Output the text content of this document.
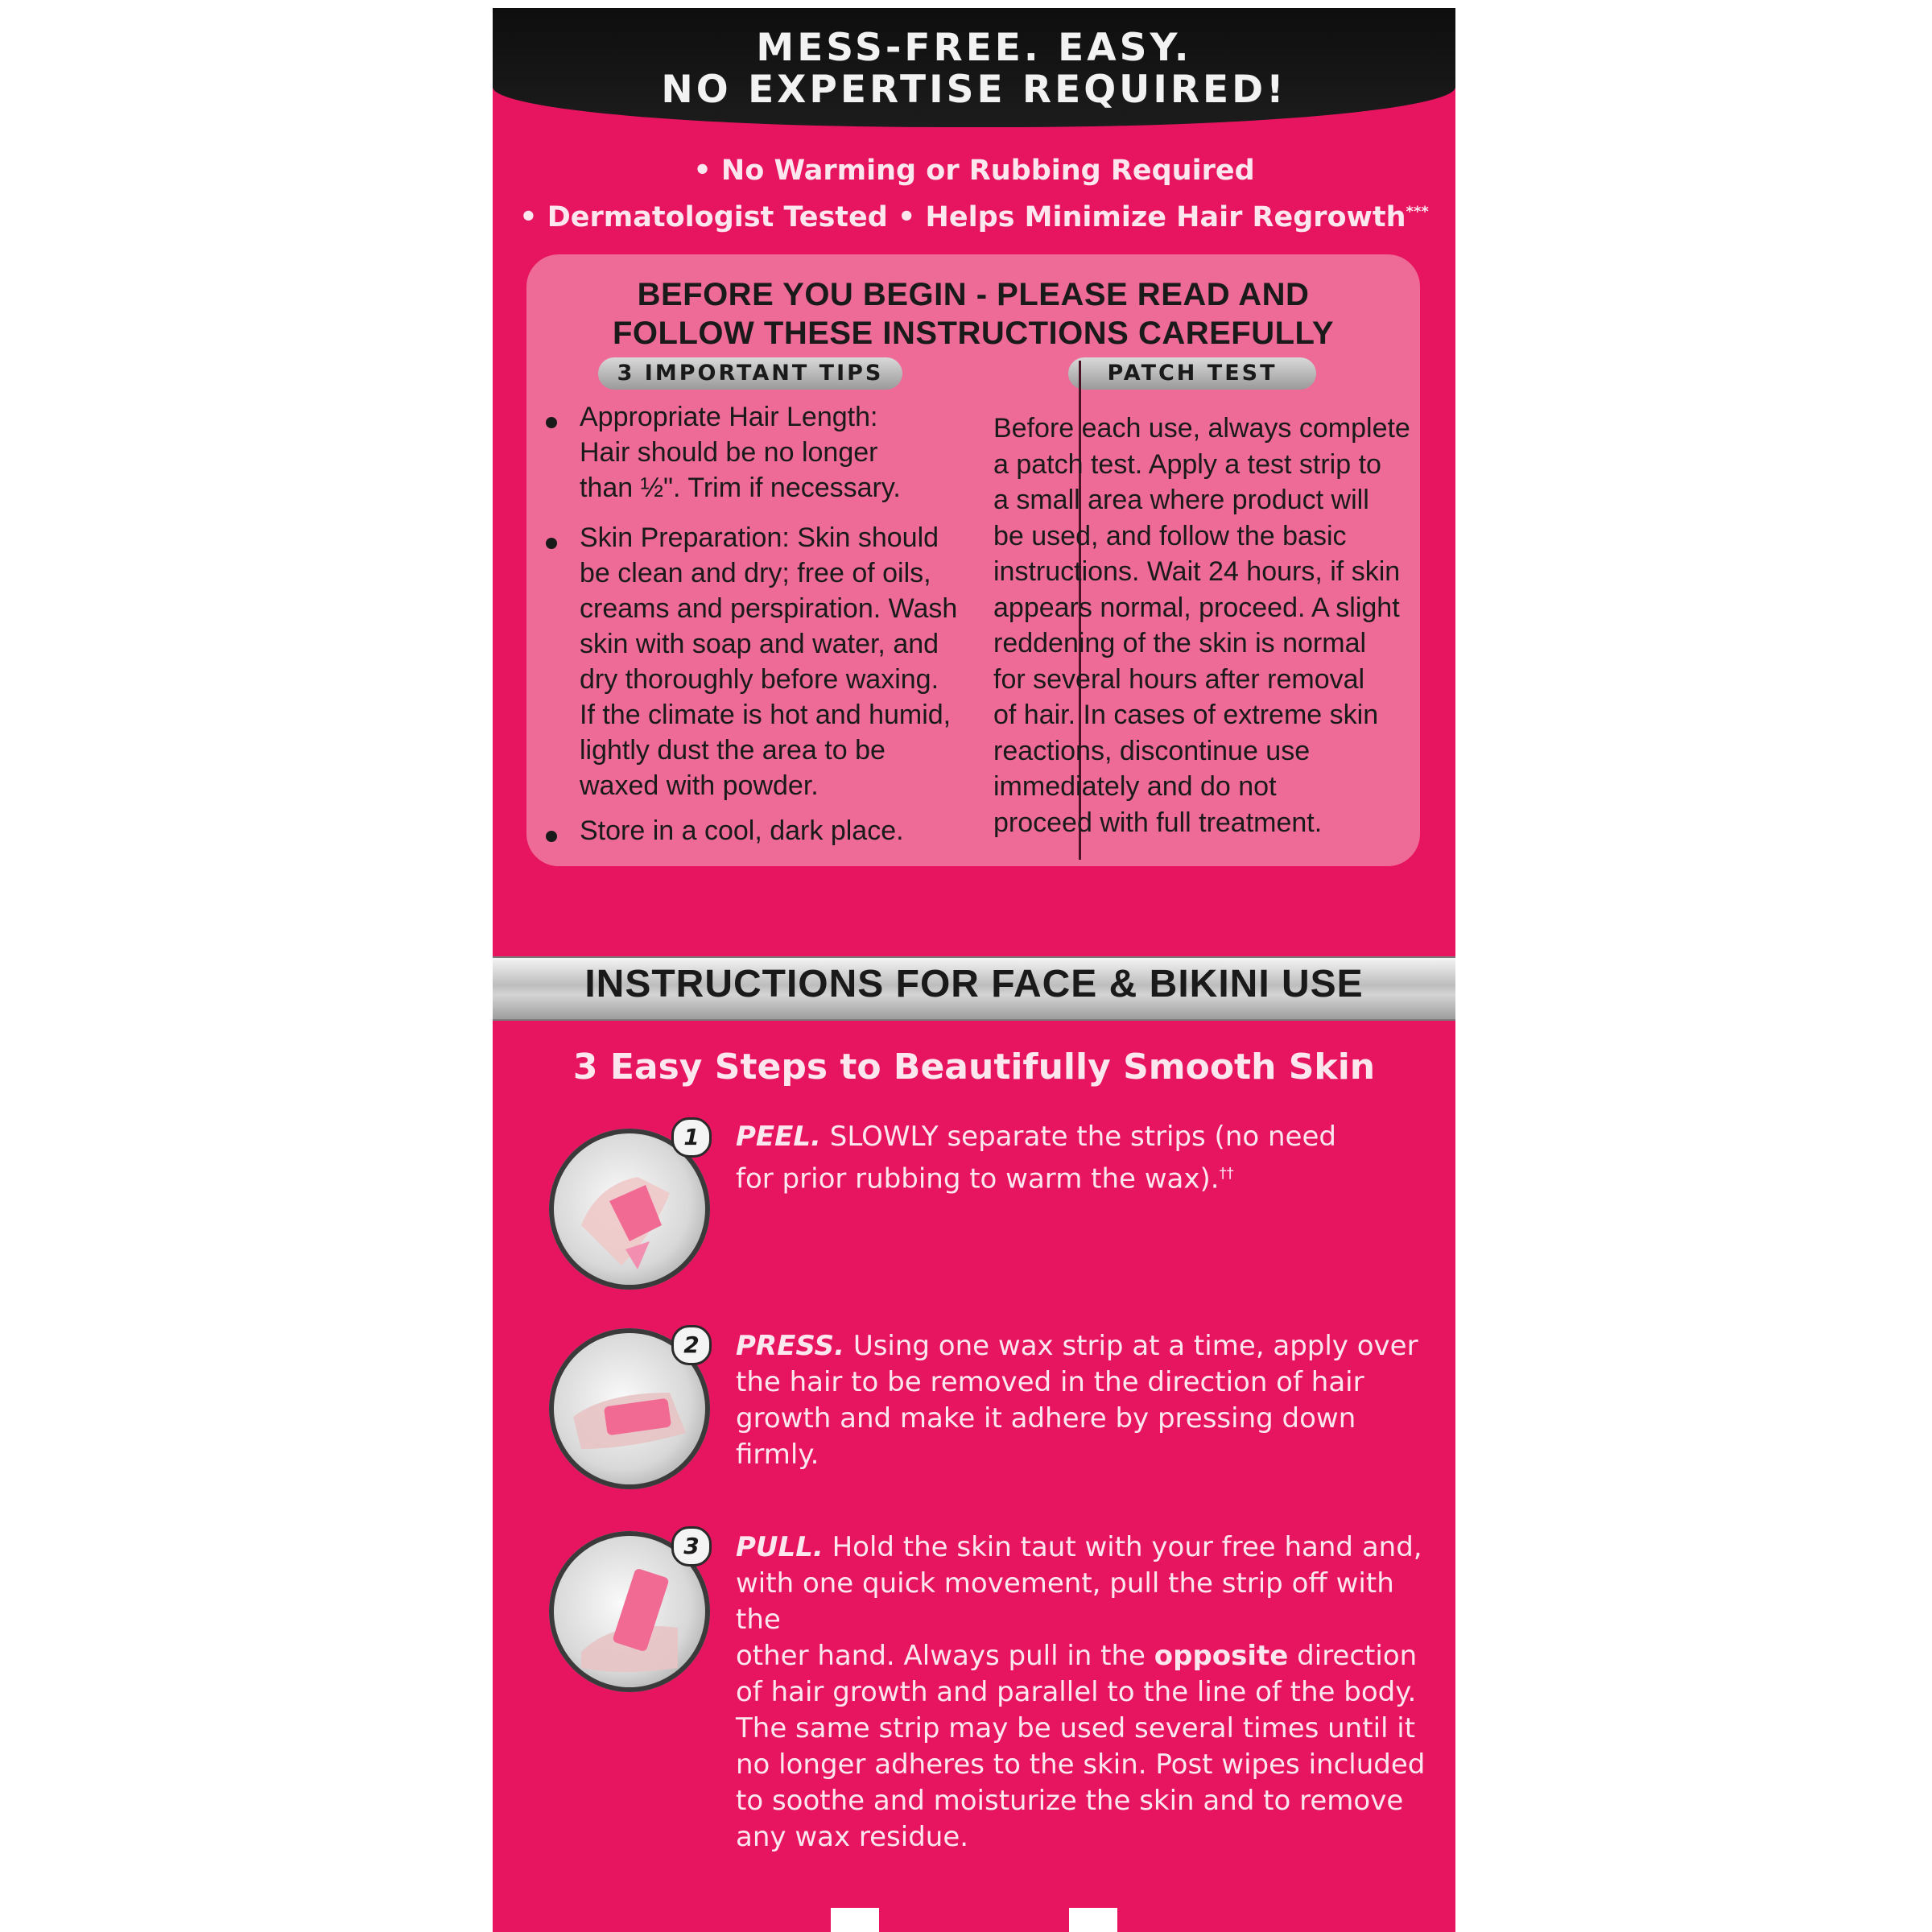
MESS-FREE. EASY.
NO EXPERTISE REQUIRED!
• No Warming or Rubbing Required
• Dermatologist Tested • Helps Minimize Hair Regrowth***
BEFORE YOU BEGIN - PLEASE READ AND
FOLLOW THESE INSTRUCTIONS CAREFULLY
3 IMPORTANT TIPS	PATCH TEST
Appropriate Hair Length:
Hair should be no longer
than ½". Trim if necessary.
Skin Preparation: Skin should
be clean and dry; free of oils,
creams and perspiration. Wash
skin with soap and water, and
dry thoroughly before waxing.
If the climate is hot and humid,
lightly dust the area to be
waxed with powder.
Store in a cool, dark place.
Before each use, always complete
a patch test. Apply a test strip to
a small area where product will
be used, and follow the basic
instructions. Wait 24 hours, if skin
appears normal, proceed. A slight
reddening of the skin is normal
for several hours after removal
of hair. In cases of extreme skin
reactions, discontinue use
immediately and do not
proceed with full treatment.
INSTRUCTIONS FOR FACE & BIKINI USE
3 Easy Steps to Beautifully Smooth Skin
1	PEEL. SLOWLY separate the strips (no need
for prior rubbing to warm the wax).††
2	PRESS. Using one wax strip at a time, apply over
the hair to be removed in the direction of hair
growth and make it adhere by pressing down firmly.
3	PULL. Hold the skin taut with your free hand and,
with one quick movement, pull the strip off with the
other hand. Always pull in the opposite direction
of hair growth and parallel to the line of the body.
The same strip may be used several times until it
no longer adheres to the skin. Post wipes included
to soothe and moisturize the skin and to remove
any wax residue.
